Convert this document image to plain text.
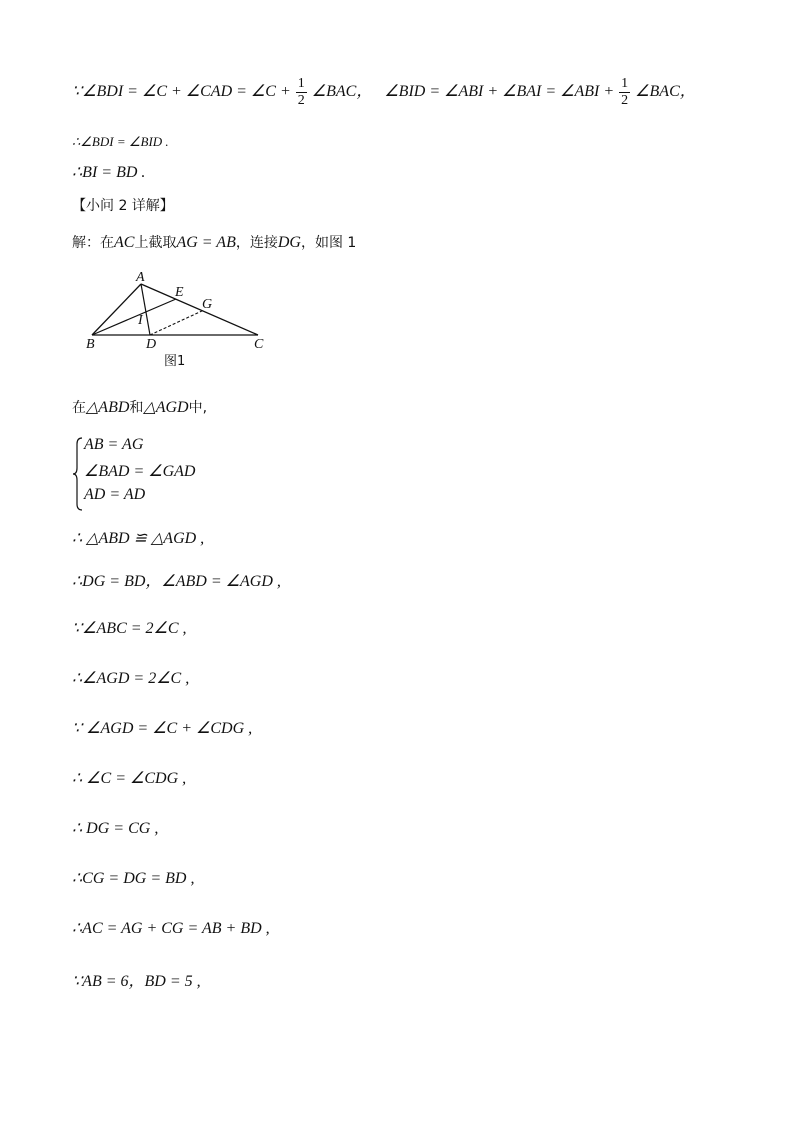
∵∠BDI = ∠C + ∠CAD = ∠C + $\frac{1}{2}$ ∠BAC， ∠BID = ∠ABI + ∠BAI = ∠ABI + $\frac{1}{2}$ ∠BAC，
∴∠BDI = ∠BID .
∴BI = BD .
【小问 2 详解】
解：在AC上截取AG = AB，连接DG，如图 1
A
E
G
I
B	D	C
图1
在△ABD和△AGD中,
AB = AG
∠BAD = ∠GAD
AD = AD
∴ △ABD ≌ △AGD ,
∴DG = BD，∠ABD = ∠AGD ,
∵∠ABC = 2∠C ,
∴∠AGD = 2∠C ,
∵ ∠AGD = ∠C + ∠CDG ,
∴ ∠C = ∠CDG ,
∴ DG = CG ,
∴CG = DG = BD ,
∴AC = AG + CG = AB + BD ,
∵AB = 6，BD = 5 ,
